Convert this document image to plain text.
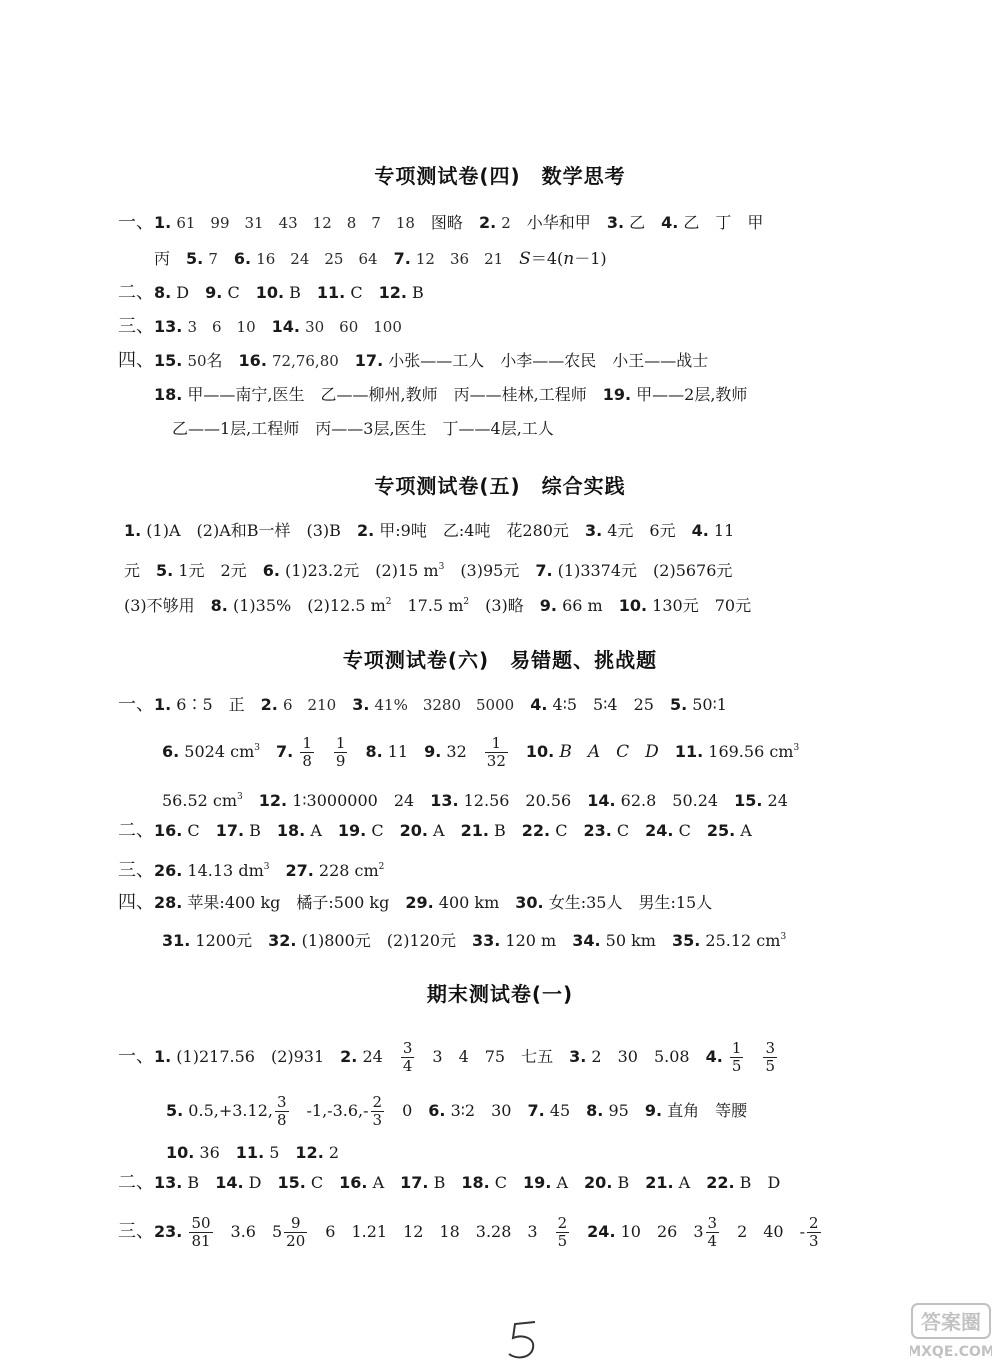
专项测试卷(四)　数学思考
一、1. 61　99　31　43　12　8　7　18　图略　2. 2　小华和甲　3. 乙　4. 乙　丁　甲
丙　5. 7　 6. 16　24　25　64　 7. 12　36　21　 S＝4(n－1)
二、8. D　9. C　10. B　11. C　12. B
三、13. 3　6　10　 14. 30　60　100
四、15. 50名　16. 72,76,80　 17. 小张——工人　小李——农民　小王——战士
18. 甲——南宁,医生　乙——柳州,教师　丙——桂林,工程师　19. 甲——2层,教师
乙——1层,工程师　丙——3层,医生　丁——4层,工人
专项测试卷(五)　综合实践
1. (1)A　(2)A和B一样　(3)B　2. 甲:9吨　乙:4吨　花280元　3. 4元　6元　4. 11
元　5. 1元　2元　6. (1)23.2元　(2)15 $m^3$　(3)95元　7. (1)3374元　(2)5676元
(3)不够用　8. (1)35%　(2)12.5 $m^2$　17.5 $m^2$　(3)略　9. 66 m　10. 130元　70元
专项测试卷(六)　易错题、挑战题
一、1. 6∶5　正　2. 6　210　 3. 41%　3280　5000　 4. 4∶5　5∶4　25　5. 50∶1
6. 5024 $cm^3$　 7. $\frac{1}{8}$
　 $\frac{1}{9}$
　 8. 11　9. 32　 $\frac{1}{32}$
　 10. B　 A　 C　 D　 11. 169.56 $cm^3$
56.52 $cm^3$　 12. 1∶3000000　24　13. 12.56　20.56　14. 62.8　50.24　15. 24
二、16. C　17. B　18. A　19. C　20. A　21. B　22. C　23. C　24. C　25. A
三、26. 14.13 $dm^3$　 27. 228 $cm^2$
四、28. 苹果:400 kg　橘子:500 kg　29. 400 km　30. 女生:35人　男生:15人
31. 1200元　32. (1)800元　(2)120元　33. 120 m　34. 50 km　35. 25.12 $cm^3$
期末测试卷(一)
一、1. (1)217.56　(2)931　2. 24　 $\frac{3}{4}$ 　3　4　75　七五　3. 2　30　5.08　4. $\frac{1}{5}$
　 $\frac{3}{5}$
5. 0.5,+3.12, $\frac{3}{8}$ 　$-1,-3.6,- \frac{2}{3}$ 　0　6. 3∶2　30　7. 45　8. 95　9. 直角　等腰
10. 36　11. 5　12. 2
二、13. B　14. D　15. C　16. A　17. B　18. C　19. A　20. B　21. A　22. B　D
三、23. $\frac{50}{81}$ 　3.6　$5 \frac{9}{20}$ 　6　1.21　12　18　3.28　3　 $\frac{2}{5}$
　 24. 10　26　$3 \frac{3}{4}$ 　2　40　- $\frac{2}{3}$
答案圈
MXQE.COM
